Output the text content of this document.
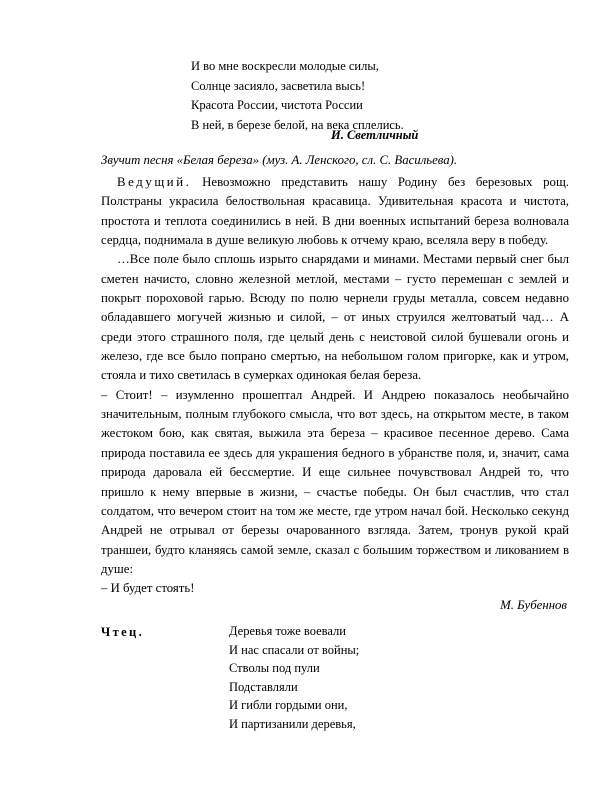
И во мне воскресли молодые силы,
Солнце засияло, засветила высь!
Красота России, чистота России
В ней, в березе белой, на века сплелись.
И. Светличный
Звучит песня «Белая береза» (муз. А. Ленского, сл. С. Васильева).

Ведущий. Невозможно представить нашу Родину без березовых рощ. Полстраны украсила белоствольная красавица. Удивительная красота и чистота, простота и теплота соединились в ней. В дни военных испытаний береза волновала сердца, поднимала в душе великую любовь к отчему краю, вселяла веру в победу.

…Все поле было сплошь изрыто снарядами и минами. Местами первый снег был сметен начисто, словно железной метлой, местами – густо перемешан с землей и покрыт пороховой гарью. Всюду по полю чернели груды металла, совсем недавно обладавшего могучей жизнью и силой, – от иных струился желтоватый чад… А среди этого страшного поля, где целый день с неистовой силой бушевали огонь и железо, где все было попрано смертью, на небольшом голом пригорке, как и утром, стояла и тихо светилась в сумерках одинокая белая береза.

– Стоит! – изумленно прошептал Андрей. И Андрею показалось необычайно значительным, полным глубокого смысла, что вот здесь, на открытом месте, в таком жестоком бою, как святая, выжила эта береза – красивое песенное дерево. Сама природа поставила ее здесь для украшения бедного в убранстве поля, и, значит, сама природа даровала ей бессмертие. И еще сильнее почувствовал Андрей то, что пришло к нему впервые в жизни, – счастье победы. Он был счастлив, что стал солдатом, что вечером стоит на том же месте, где утром начал бой. Несколько секунд Андрей не отрывал от березы очарованного взгляда. Затем, тронув рукой край траншеи, будто кланяясь самой земле, сказал с большим торжеством и ликованием в душе:

– И будет стоять!

М. Бубеннов
Чтец.	Деревья тоже воевали
И нас спасали от войны;
Стволы под пули
Подставляли
И гибли гордыми они,
И партизанили деревья,
